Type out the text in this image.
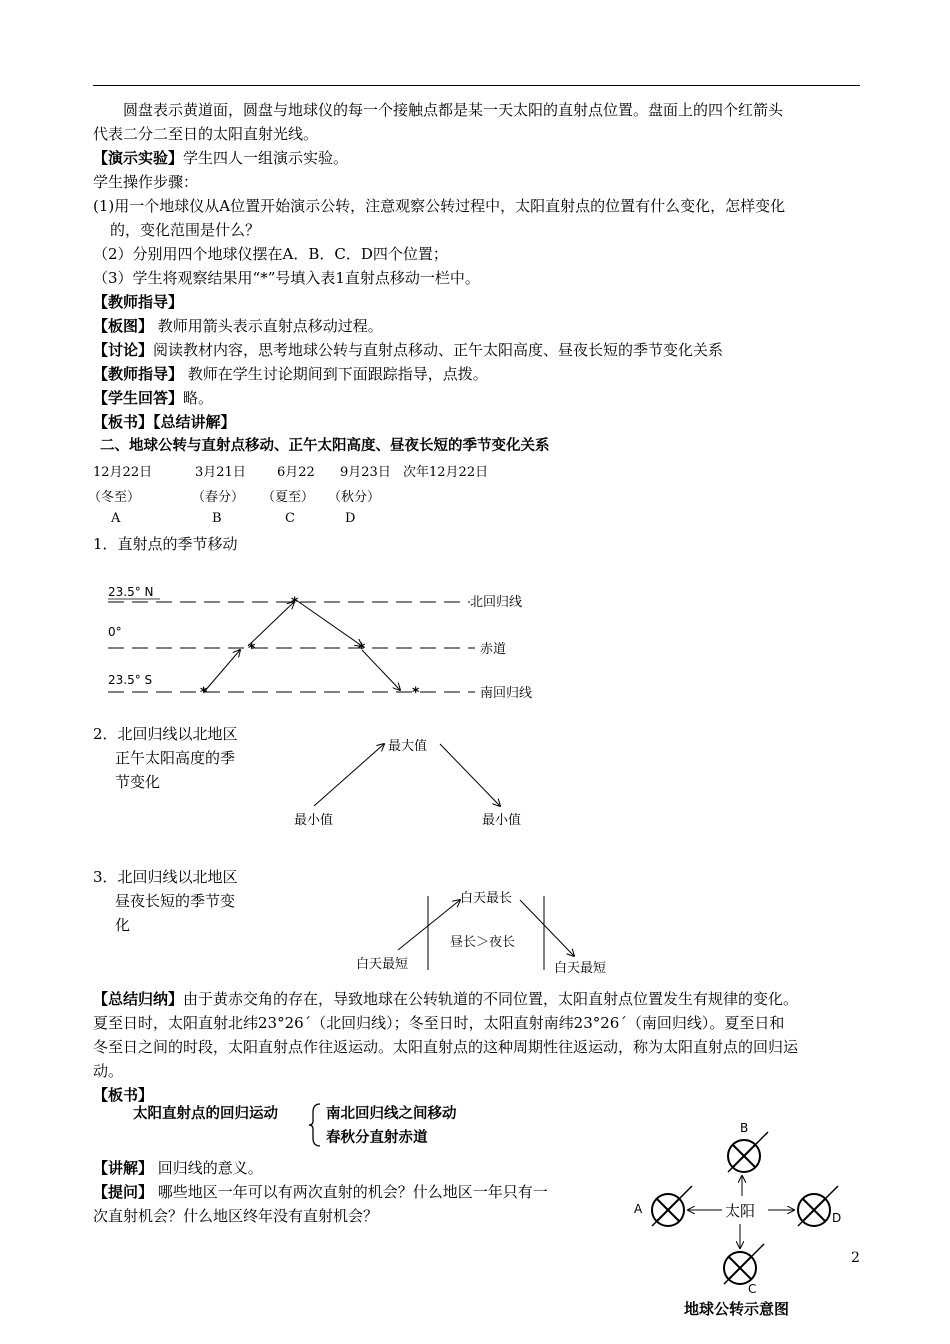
圆盘表示黄道面，圆盘与地球仪的每一个接触点都是某一天太阳的直射点位置。盘面上的四个红箭头
代表二分二至日的太阳直射光线。
【演示实验】学生四人一组演示实验。
学生操作步骤：
(1)用一个地球仪从A位置开始演示公转，注意观察公转过程中，太阳直射点的位置有什么变化，怎样变化
的，变化范围是什么？
（2）分别用四个地球仪摆在A．B．C．D四个位置；
（3）学生将观察结果用“*”号填入表1直射点移动一栏中。
【教师指导】
【板图】 教师用箭头表示直射点移动过程。
【讨论】阅读教材内容，思考地球公转与直射点移动、正午太阳高度、昼夜长短的季节变化关系
【教师指导】 教师在学生讨论期间到下面跟踪指导，点拨。
【学生回答】略。
【板书】【总结讲解】
二、地球公转与直射点移动、正午太阳高度、昼夜长短的季节变化关系
12月22日	3月21日 6月22 9月23日 次年12月22日
（冬至）	（春分） （夏至） （秋分）
A	B	C	D
1．直射点的季节移动
23.5° N
北回归线
0°
赤道
23.5° S
南回归线
*
*
*
*
*
2．北回归线以北地区
正午太阳高度的季
节变化
最大值
最小值	最小值
3．北回归线以北地区
昼夜长短的季节变
化
白天最长
白天最短	白天最短
昼长＞夜长
【总结归纳】由于黄赤交角的存在，导致地球在公转轨道的不同位置，太阳直射点位置发生有规律的变化。
夏至日时，太阳直射北纬23°26´（北回归线）；冬至日时，太阳直射南纬23°26´（南回归线）。夏至日和
冬至日之间的时段，太阳直射点作往返运动。太阳直射点的这种周期性往返运动，称为太阳直射点的回归运
动。
【板书】
太阳直射点的回归运动	南北回归线之间移动
春秋分直射赤道
【讲解】 回归线的意义。
【提问】 哪些地区一年可以有两次直射的机会？什么地区一年只有一
次直射机会？什么地区终年没有直射机会？
2
B
A
D
C
太阳
地球公转示意图
